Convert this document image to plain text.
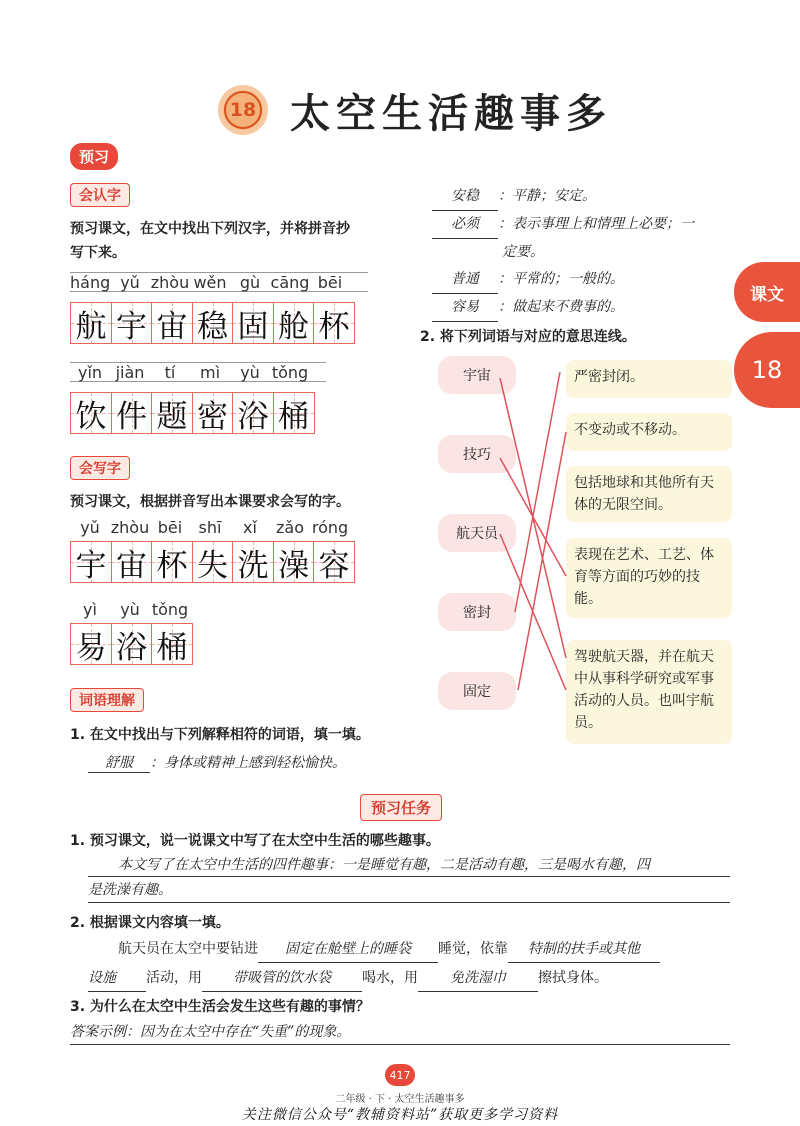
18 太空生活趣事多
课文
18
预习
会认字
预习课文，在文中找出下列汉字，并将拼音抄
写下来。
háng yǔ zhòu wěn gù cāng bēi
航 宇 宙 稳 固 舱 杯
yǐn jiàn	tí	mì	yù tǒng
饮 件 题 密 浴 桶
会写字
预习课文，根据拼音写出本课要求会写的字。
yǔ zhòu bēi	shī	xǐ	zǎo róng
宇 宙 杯 失 洗 澡 容
yì	yù tǒng
易 浴 桶
词语理解
1. 在文中找出与下列解释相符的词语，填一填。
舒服 ：身体或精神上感到轻松愉快。
安稳 ：平静；安定。
必须 ：表示事理上和情理上必要；一
定要。
普通 ：平常的；一般的。
容易 ：做起来不费事的。
2. 将下列词语与对应的意思连线。
宇宙
技巧
航天员
密封
固定
严密封闭。
不变动或不移动。
包括地球和其他所有天体的无限空间。
表现在艺术、工艺、体育等方面的巧妙的技能。
驾驶航天器，并在航天中从事科学研究或军事活动的人员。也叫宇航员。
预习任务
1. 预习课文，说一说课文中写了在太空中生活的哪些趣事。
本文写了在太空中生活的四件趣事：一是睡觉有趣，二是活动有趣，三是喝水有趣，四
是洗澡有趣。
2. 根据课文内容填一填。
航天员在太空中要钻进 固定在舱壁上的睡袋 睡觉，依靠 特制的扶手或其他
设施 活动，用 带吸管的饮水袋 喝水，用 免洗湿巾 擦拭身体。
3. 为什么在太空中生活会发生这些有趣的事情？
答案示例：因为在太空中存在“失重”的现象。
417
二年级 · 下 · 太空生活趣事多
关注微信公众号“教辅资料站”获取更多学习资料
